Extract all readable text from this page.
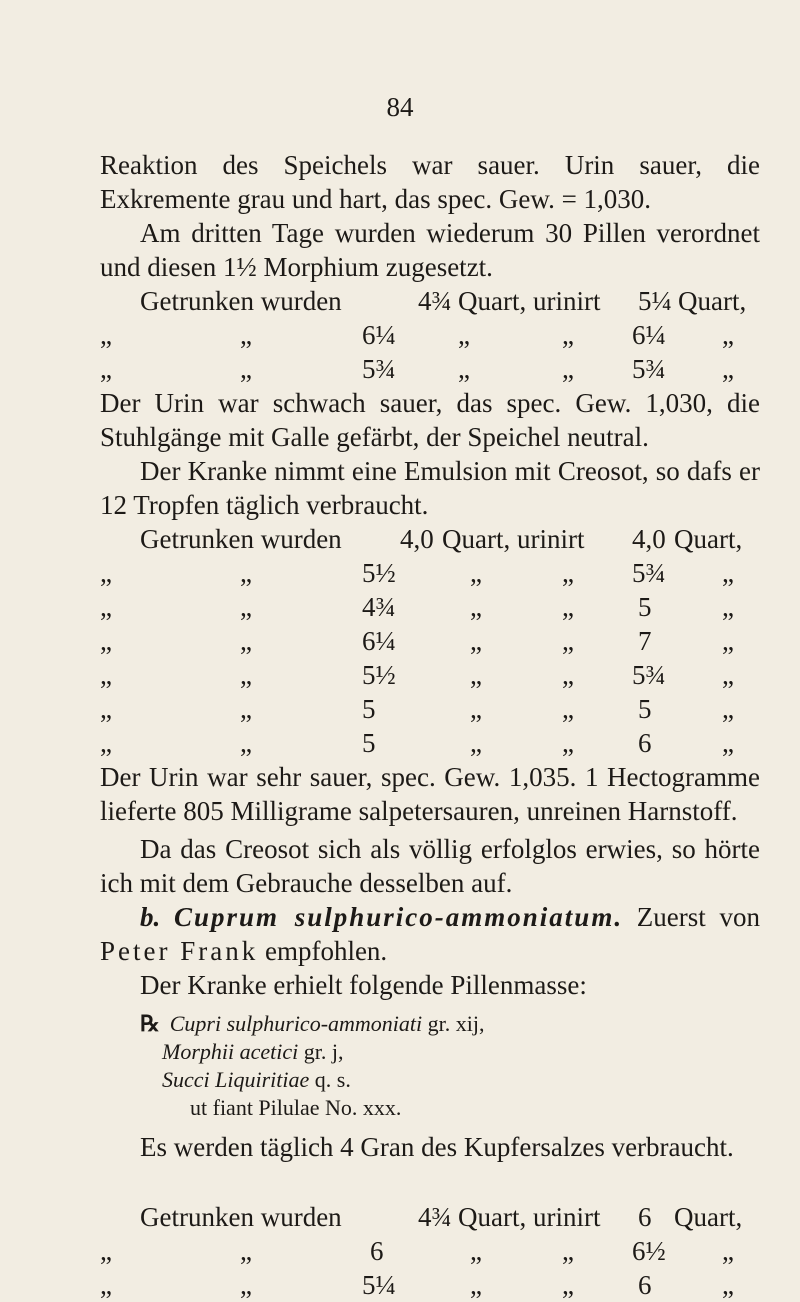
84

Reaktion des Speichels war sauer. Urin sauer, die Exkremente grau und hart, das spec. Gew. = 1,030.

Am dritten Tage wurden wiederum 30 Pillen verordnet und diesen 1½ Morphium zugesetzt.

Getrunken wurden	4¾ Quart, urinirt 5¼ Quart,
„	„	6¼ „	„ 6¼ „
„	„	5¾ „	„ 5¾ „

Der Urin war schwach sauer, das spec. Gew. 1,030, die Stuhlgänge mit Galle gefärbt, der Speichel neutral.

Der Kranke nimmt eine Emulsion mit Creosot, so dafs er 12 Tropfen täglich verbraucht.

Getrunken wurden 4,0 Quart, urinirt 4,0 Quart,
„	„	5½	„	„ 5¾ „
„	„	4¾	„	„ 5	„
„	„	6¼	„	„ 7	„
„	„	5½	„	„ 5¾ „
„	„	5	„	„ 5	„
„	„	5	„	„ 6	„

Der Urin war sehr sauer, spec. Gew. 1,035. 1 Hectogramme lieferte 805 Milligrame salpetersauren, unreinen Harnstoff.

Da das Creosot sich als völlig erfolglos erwies, so hörte ich mit dem Gebrauche desselben auf.

b. Cuprum sulphurico-ammoniatum. Zuerst von Peter Frank empfohlen.

Der Kranke erhielt folgende Pillenmasse:

℞ Cupri sulphurico-ammoniati gr. xij,

Morphii acetici gr. j,

Succi Liquiritiae q. s.

ut fiant Pilulae No. xxx.

Es werden täglich 4 Gran des Kupfersalzes verbraucht.

Getrunken wurden	4¾ Quart, urinirt 6 Quart,
„	„	6	„	„ 6½ „
„	„	5¼	„	„ 6	„
